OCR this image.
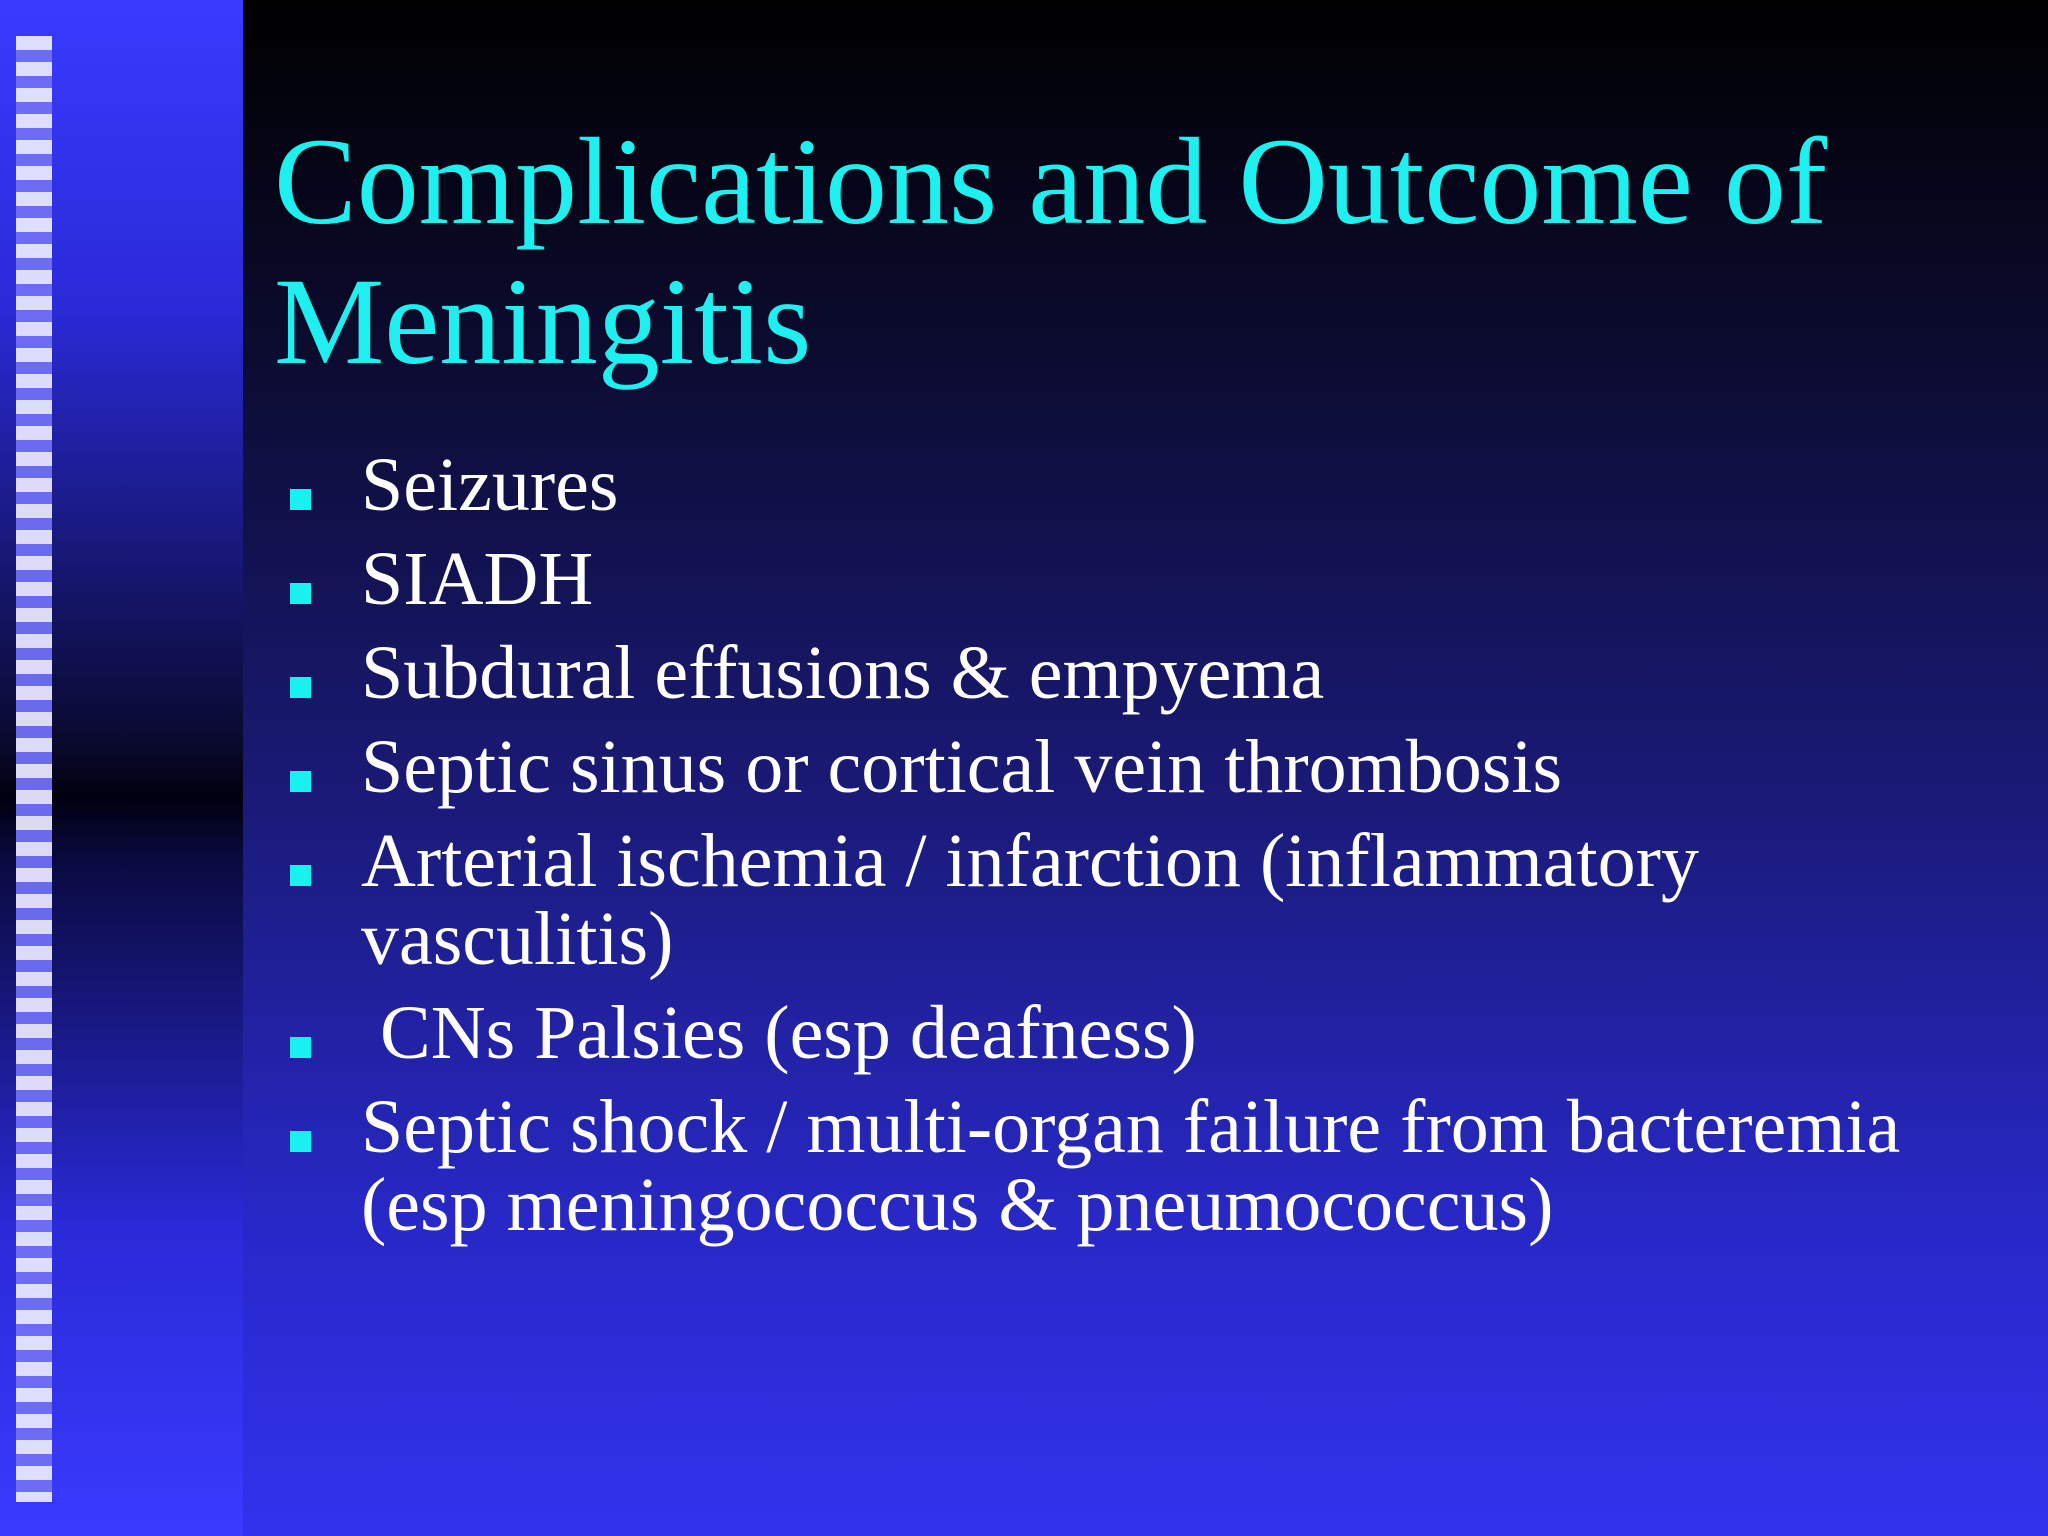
Complications and Outcome of Meningitis
Seizures
SIADH
Subdural effusions & empyema
Septic sinus or cortical vein thrombosis
Arterial ischemia / infarction (inflammatory vasculitis)
CNs Palsies (esp deafness)
Septic shock / multi-organ failure from bacteremia (esp meningococcus & pneumococcus)
